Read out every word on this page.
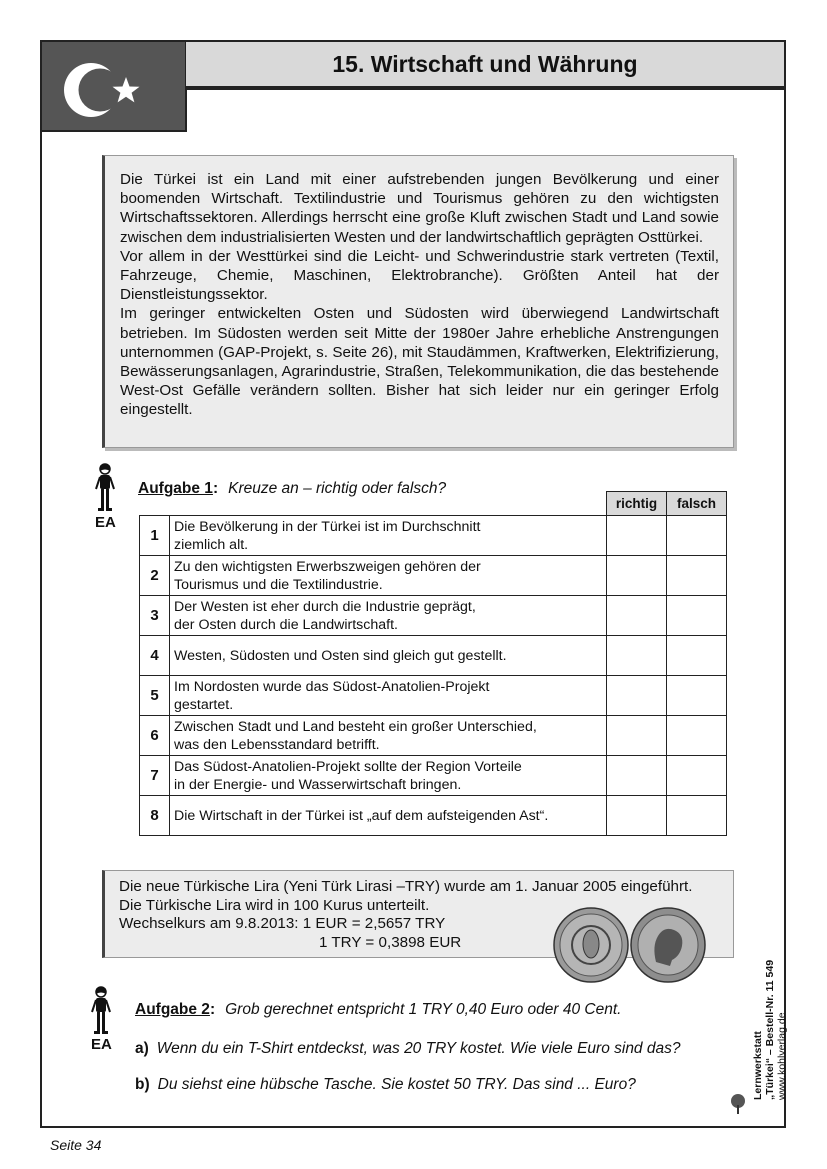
15. Wirtschaft und Währung

Die Türkei ist ein Land mit einer aufstrebenden jungen Bevölkerung und einer boomenden Wirtschaft. Textilindustrie und Tourismus gehören zu den wichtigsten Wirtschaftssektoren. Allerdings herrscht eine große Kluft zwischen Stadt und Land sowie zwischen dem industrialisierten Westen und der landwirtschaftlich geprägten Osttürkei.

Vor allem in der Westtürkei sind die Leicht- und Schwerindustrie stark vertreten (Textil, Fahrzeuge, Chemie, Maschinen, Elektrobranche). Größten Anteil hat der Dienstleistungssektor.

Im geringer entwickelten Osten und Südosten wird überwiegend Landwirtschaft betrieben. Im Südosten werden seit Mitte der 1980er Jahre erhebliche Anstrengungen unternommen (GAP-Projekt, s. Seite 26), mit Staudämmen, Kraftwerken, Elektrifizierung, Bewässerungsanlagen, Agrarindustrie, Straßen, Telekommunikation, die das bestehende West-Ost Gefälle verändern sollten. Bisher hat sich leider nur ein geringer Erfolg eingestellt.

EA
Aufgabe 1: Kreuze an – richtig oder falsch?
		richtig	falsch
1	Die Bevölkerung in der Türkei ist im Durchschnitt
ziemlich alt.		
2	Zu den wichtigsten Erwerbszweigen gehören der
Tourismus und die Textilindustrie.		
3	Der Westen ist eher durch die Industrie geprägt,
der Osten durch die Landwirtschaft.		
4	Westen, Südosten und Osten sind gleich gut gestellt.		
5	Im Nordosten wurde das Südost-Anatolien-Projekt
gestartet.		
6	Zwischen Stadt und Land besteht ein großer Unterschied,
was den Lebensstandard betrifft.		
7	Das Südost-Anatolien-Projekt sollte der Region Vorteile
in der Energie- und Wasserwirtschaft bringen.		
8	Die Wirtschaft in der Türkei ist „auf dem aufsteigenden Ast“.		
Die neue Türkische Lira (Yeni Türk Lirasi –TRY) wurde am 1. Januar 2005 eingeführt.
Die Türkische Lira wird in 100 Kurus unterteilt.
Wechselkurs am 9.8.2013: 1 EUR = 2,5657 TRY
1 TRY = 0,3898 EUR
EA
Aufgabe 2: Grob gerechnet entspricht 1 TRY 0,40 Euro oder 40 Cent.
a) Wenn du ein T-Shirt entdeckst, was 20 TRY kostet. Wie viele Euro sind das?
b) Du siehst eine hübsche Tasche. Sie kostet 50 TRY. Das sind ... Euro?	Lernwerkstatt „Türkei“ – Bestell-Nr. 11 549 www.kohlverlag.de
Seite 34
